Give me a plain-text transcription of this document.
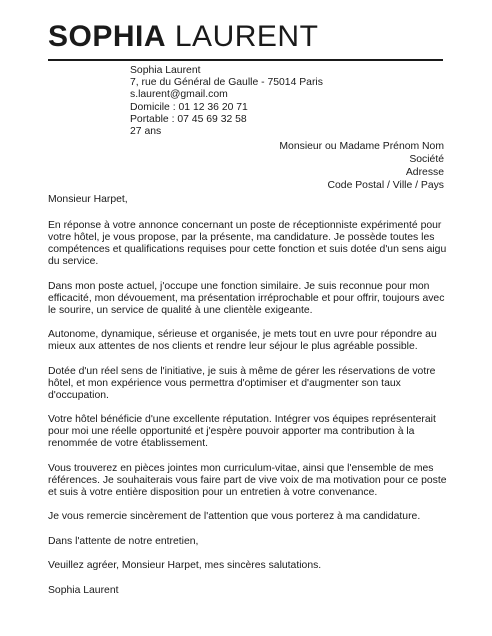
SOPHIA LAURENT
Sophia Laurent
7, rue du Général de Gaulle - 75014 Paris
s.laurent@gmail.com
Domicile : 01 12 36 20 71
Portable : 07 45 69 32 58
27 ans
Monsieur ou Madame Prénom Nom
Société
Adresse
Code Postal / Ville / Pays

Monsieur Harpet,

En réponse à votre annonce concernant un poste de réceptionniste expérimenté pour votre hôtel, je vous propose, par la présente, ma candidature. Je possède toutes les compétences et qualifications requises pour cette fonction et suis dotée d'un sens aigu du service.

Dans mon poste actuel, j'occupe une fonction similaire. Je suis reconnue pour mon efficacité, mon dévouement, ma présentation irréprochable et pour offrir, toujours avec le sourire, un service de qualité à une clientèle exigeante.

Autonome, dynamique, sérieuse et organisée, je mets tout en uvre pour répondre au mieux aux attentes de nos clients et rendre leur séjour le plus agréable possible.

Dotée d'un réel sens de l'initiative, je suis à même de gérer les réservations de votre hôtel, et mon expérience vous permettra d'optimiser et d'augmenter son taux d'occupation.

Votre hôtel bénéficie d'une excellente réputation. Intégrer vos équipes représenterait pour moi une réelle opportunité et j'espère pouvoir apporter ma contribution à la renommée de votre établissement.

Vous trouverez en pièces jointes mon curriculum-vitae, ainsi que l'ensemble de mes références. Je souhaiterais vous faire part de vive voix de ma motivation pour ce poste et suis à votre entière disposition pour un entretien à votre convenance.

Je vous remercie sincèrement de l'attention que vous porterez à ma candidature.

Dans l'attente de notre entretien,

Veuillez agréer, Monsieur Harpet, mes sincères salutations.

Sophia Laurent
